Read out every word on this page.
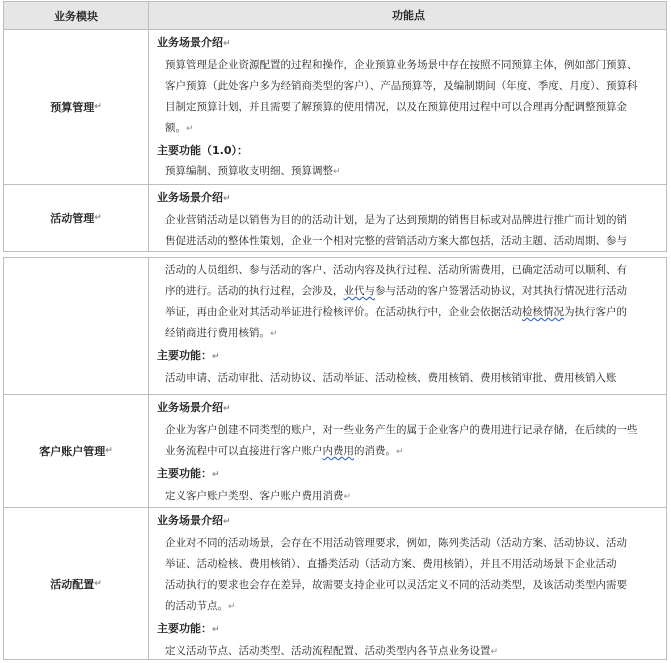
业务模块	功能点
预算管理 ↵
业务场景介绍↵
预算管理是企业资源配置的过程和操作，企业预算业务场景中存在按照不同预算主体，例如部门预算、
客户预算（此处客户多为经销商类型的客户）、产品预算等，及编制期间（年度、季度、月度）、预算科
目制定预算计划，并且需要了解预算的使用情况，以及在预算使用过程中可以合理再分配调整预算金
额。↵
主要功能（1.0）：
预算编制、预算收支明细、预算调整↵
活动管理 ↵
业务场景介绍↵
企业营销活动是以销售为目的的活动计划，是为了达到预期的销售目标或对品牌进行推广而计划的销
售促进活动的整体性策划，企业一个相对完整的营销活动方案大都包括，活动主题、活动周期、参与
活动的人员组织、参与活动的客户、活动内容及执行过程、活动所需费用，已确定活动可以顺利、有
序的进行。活动的执行过程，会涉及，业代与参与活动的客户签署活动协议，对其执行情况进行活动
举证，再由企业对其活动举证进行检核评价。在活动执行中，企业会依据活动检核情况为执行客户的
经销商进行费用核销。↵
主要功能：↵
活动申请、活动审批、活动协议、活动举证、活动检核、费用核销、费用核销审批、费用核销入账
客户账户管理 ↵
业务场景介绍↵
企业为客户创建不同类型的账户，对一些业务产生的属于企业客户的费用进行记录存储，在后续的一些
业务流程中可以直接进行客户账户内费用的消费。↵
主要功能：↵
定义客户账户类型、客户账户费用消费↵
活动配置 ↵
业务场景介绍↵
企业对不同的活动场景，会存在不用活动管理要求，例如，陈列类活动（活动方案、活动协议、活动
举证、活动检核、费用核销）、直播类活动（活动方案、费用核销），并且不用活动场景下企业活动
活动执行的要求也会存在差异，故需要支持企业可以灵活定义不同的活动类型，及该活动类型内需要
的活动节点。↵
主要功能：↵
定义活动节点、活动类型、活动流程配置、活动类型内各节点业务设置↵
